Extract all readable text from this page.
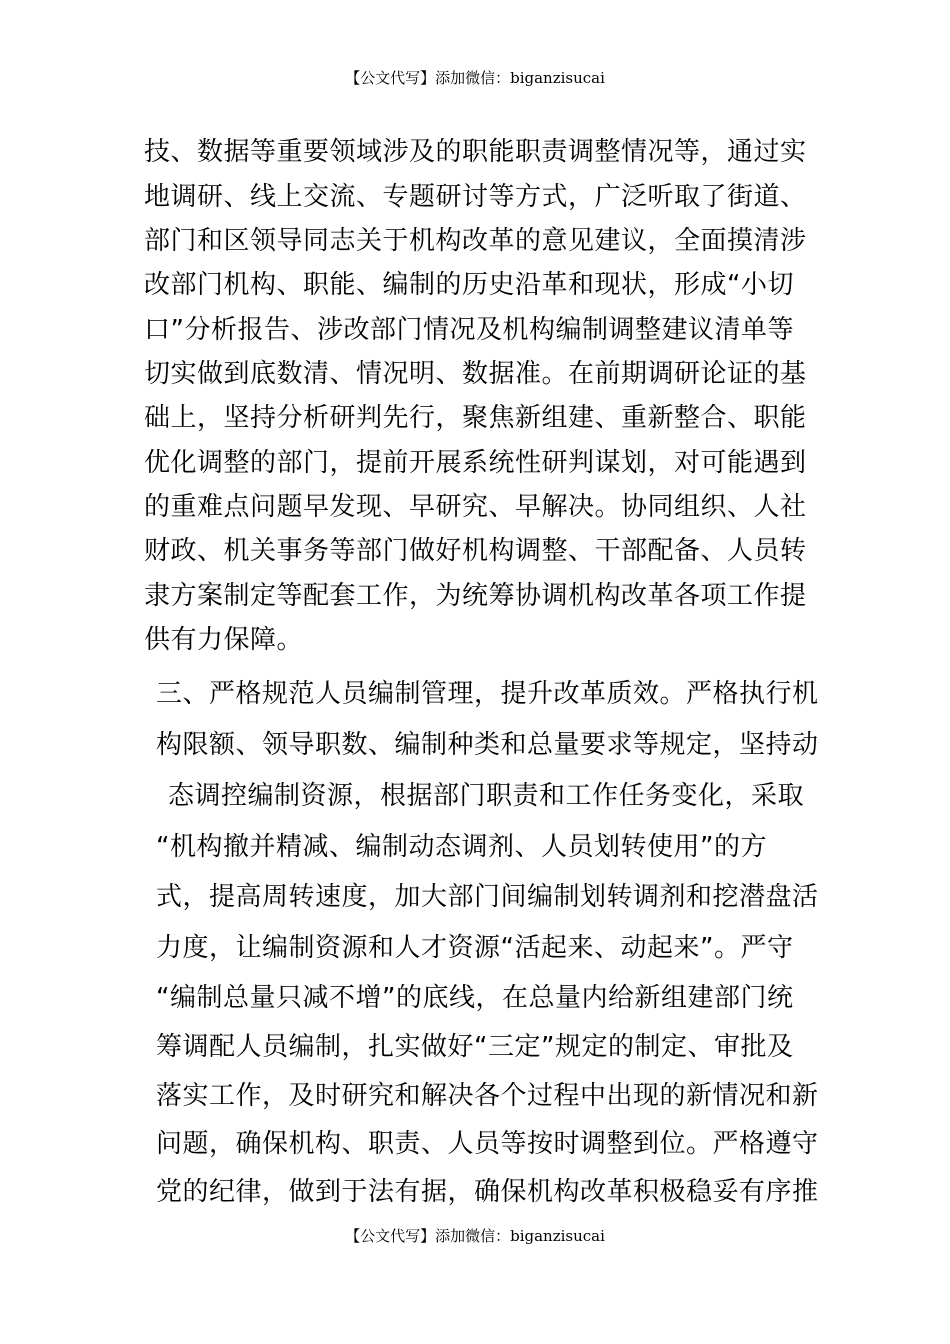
【公文代写】添加微信：biganzisucai
技、数据等重要领域涉及的职能职责调整情况等，通过实
地调研、线上交流、专题研讨等方式，广泛听取了街道、
部门和区领导同志关于机构改革的意见建议，全面摸清涉
改部门机构、职能、编制的历史沿革和现状，形成“小切
口”分析报告、涉改部门情况及机构编制调整建议清单等
切实做到底数清、情况明、数据准。在前期调研论证的基
础上，坚持分析研判先行，聚焦新组建、重新整合、职能
优化调整的部门，提前开展系统性研判谋划，对可能遇到
的重难点问题早发现、早研究、早解决。协同组织、人社
财政、机关事务等部门做好机构调整、干部配备、人员转
隶方案制定等配套工作，为统筹协调机构改革各项工作提
供有力保障。
三、严格规范人员编制管理，提升改革质效。严格执行机
构限额、领导职数、编制种类和总量要求等规定，坚持动
态调控编制资源，根据部门职责和工作任务变化，采取
“机构撤并精减、编制动态调剂、人员划转使用”的方
式，提高周转速度，加大部门间编制划转调剂和挖潜盘活
力度，让编制资源和人才资源“活起来、动起来”。严守
“编制总量只减不增”的底线，在总量内给新组建部门统
筹调配人员编制，扎实做好“三定”规定的制定、审批及
落实工作，及时研究和解决各个过程中出现的新情况和新
问题，确保机构、职责、人员等按时调整到位。严格遵守
党的纪律，做到于法有据，确保机构改革积极稳妥有序推
【公文代写】添加微信：biganzisucai
